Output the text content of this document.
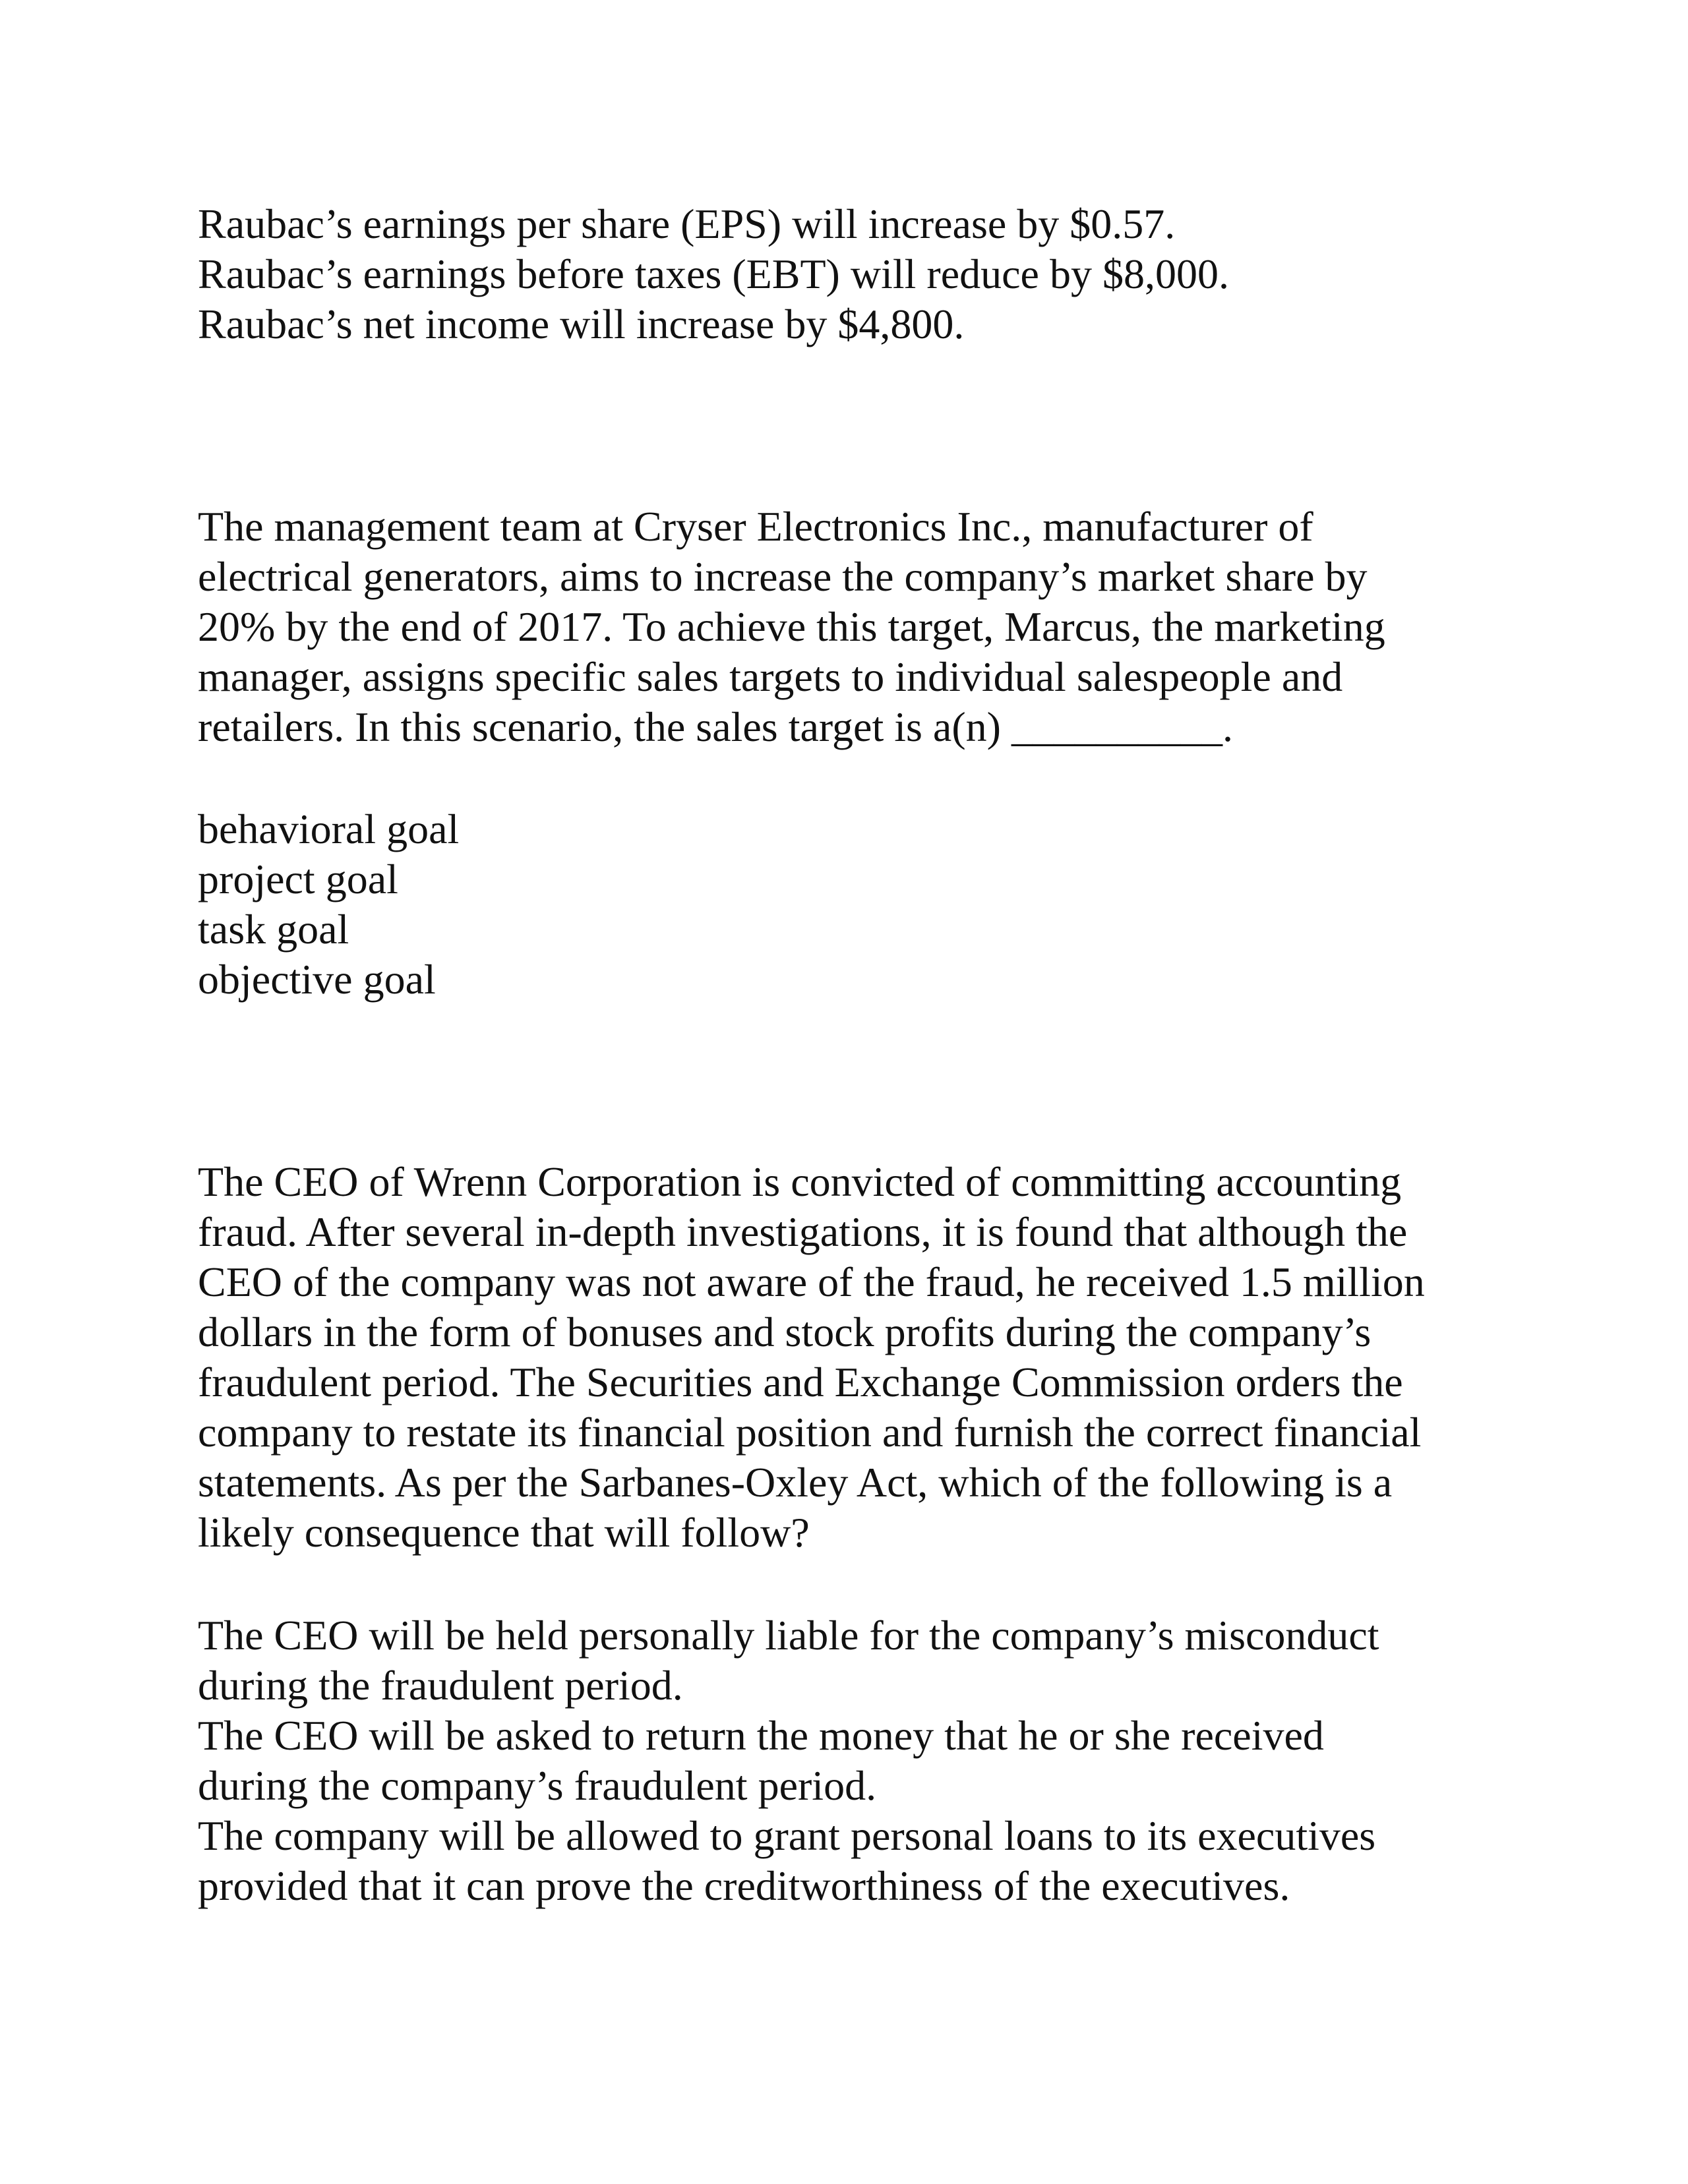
Raubac’s earnings per share (EPS) will increase by $0.57.
Raubac’s earnings before taxes (EBT) will reduce by $8,000.
Raubac’s net income will increase by $4,800.
The management team at Cryser Electronics Inc., manufacturer of
electrical generators, aims to increase the company’s market share by
20% by the end of 2017. To achieve this target, Marcus, the marketing
manager, assigns specific sales targets to individual salespeople and
retailers. In this scenario, the sales target is a(n) __________.
behavioral goal
project goal
task goal
objective goal
The CEO of Wrenn Corporation is convicted of committing accounting
fraud. After several in-depth investigations, it is found that although the
CEO of the company was not aware of the fraud, he received 1.5 million
dollars in the form of bonuses and stock profits during the company’s
fraudulent period. The Securities and Exchange Commission orders the
company to restate its financial position and furnish the correct financial
statements. As per the Sarbanes-Oxley Act, which of the following is a
likely consequence that will follow?
The CEO will be held personally liable for the company’s misconduct
during the fraudulent period.
The CEO will be asked to return the money that he or she received
during the company’s fraudulent period.
The company will be allowed to grant personal loans to its executives
provided that it can prove the creditworthiness of the executives.
